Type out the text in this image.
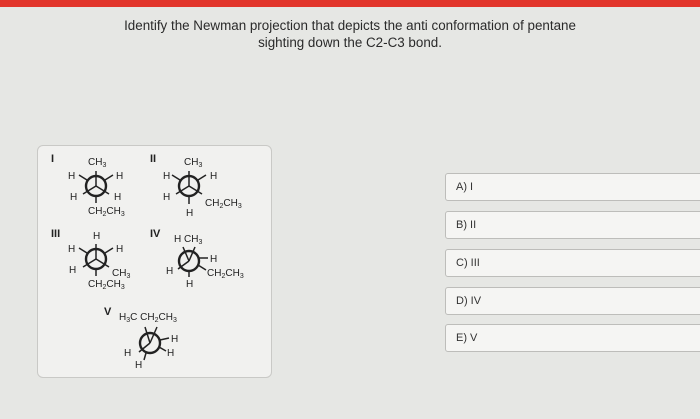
Identify the Newman projection that depicts the anti conformation of pentane
sighting down the C2-C3 bond.
I	$CH_3$
H	H
H	H
$CH_2CH_3$
II	$CH_3$
H	H
H
$CH_2CH_3$
H
III	H
H	H
H	$CH_3$
$CH_2CH_3$
IV H $CH_3$
H
$CH_2CH_3$
H
H
V $H_3C$ $CH_2CH_3$
H
H
H
H
A) I
B) II
C) III
D) IV
E) V
